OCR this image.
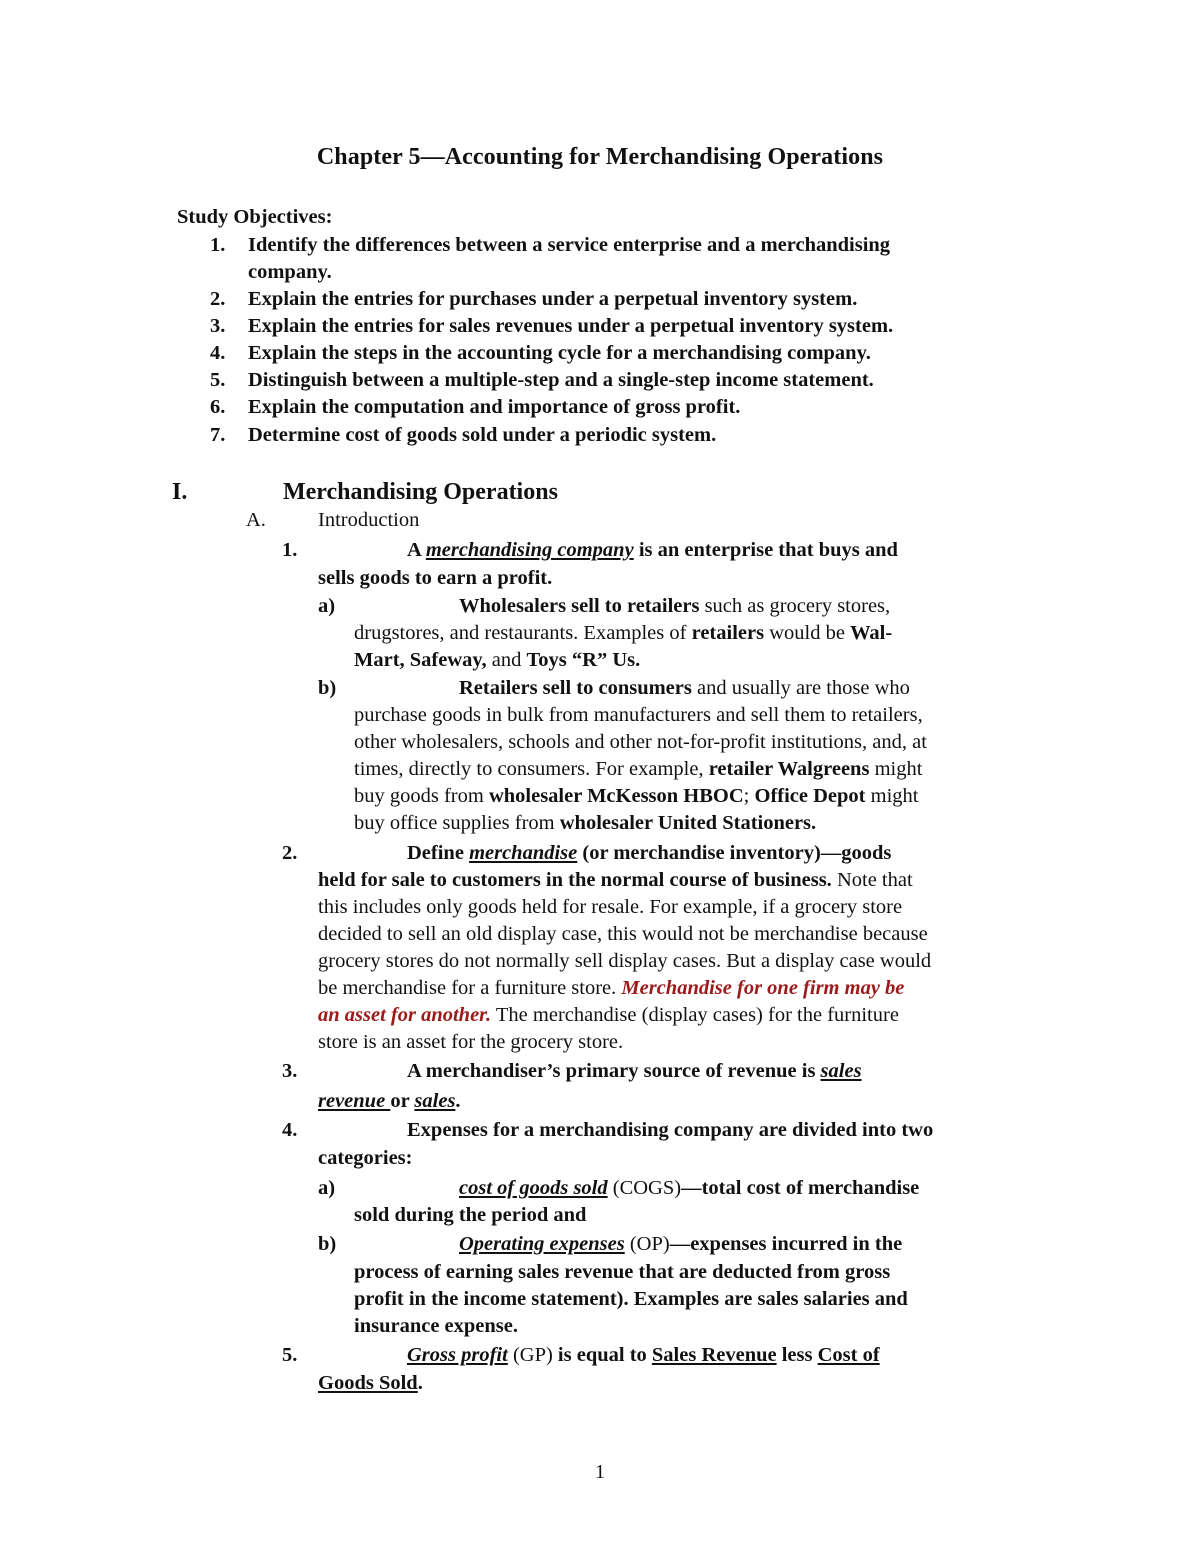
Chapter 5—Accounting for Merchandising Operations
Study Objectives:
1. Identify the differences between a service enterprise and a merchandising
company.
2. Explain the entries for purchases under a perpetual inventory system.
3. Explain the entries for sales revenues under a perpetual inventory system.
4. Explain the steps in the accounting cycle for a merchandising company.
5. Distinguish between a multiple-step and a single-step income statement.
6. Explain the computation and importance of gross profit.
7. Determine cost of goods sold under a periodic system.
I.	Merchandising Operations
A.	Introduction
1.	A merchandising company is an enterprise that buys and
sells goods to earn a profit.
a)	Wholesalers sell to retailers such as grocery stores,
drugstores, and restaurants. Examples of retailers would be Wal-
Mart, Safeway, and Toys “R” Us.
b)	Retailers sell to consumers and usually are those who
purchase goods in bulk from manufacturers and sell them to retailers,
other wholesalers, schools and other not-for-profit institutions, and, at
times, directly to consumers. For example, retailer Walgreens might
buy goods from wholesaler McKesson HBOC; Office Depot might
buy office supplies from wholesaler United Stationers.
2.	Define merchandise (or merchandise inventory)—goods
held for sale to customers in the normal course of business. Note that
this includes only goods held for resale. For example, if a grocery store
decided to sell an old display case, this would not be merchandise because
grocery stores do not normally sell display cases. But a display case would
be merchandise for a furniture store. Merchandise for one firm may be
an asset for another. The merchandise (display cases) for the furniture
store is an asset for the grocery store.
3.	A merchandiser’s primary source of revenue is sales
revenue or sales.
4.	Expenses for a merchandising company are divided into two
categories:
a)	cost of goods sold (COGS)—total cost of merchandise
sold during the period and
b)	Operating expenses (OP)—expenses incurred in the
process of earning sales revenue that are deducted from gross
profit in the income statement). Examples are sales salaries and
insurance expense.
5.	Gross profit (GP) is equal to Sales Revenue less Cost of
Goods Sold.
1
